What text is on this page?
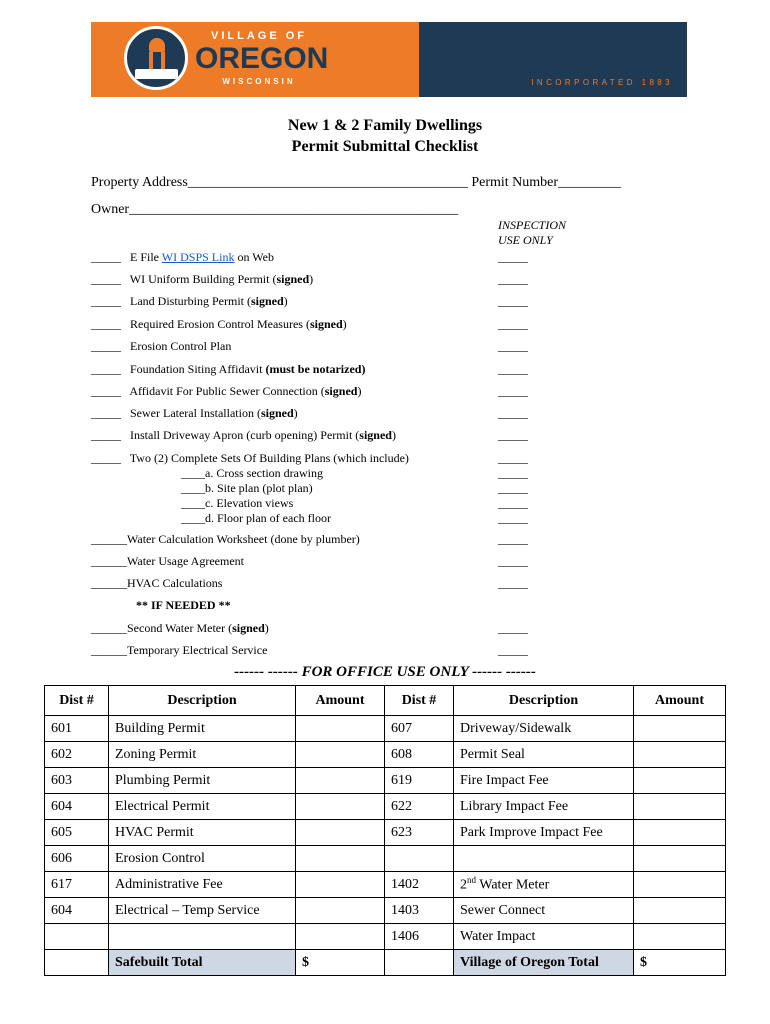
VILLAGE OF
OREGON
WISCONSIN	INCORPORATED 1883
New 1 & 2 Family Dwellings
Permit Submittal Checklist
Property Address________________________________________ Permit Number_________
Owner_______________________________________________
INSPECTION
USE ONLY
** IF NEEDED **
------ ------ FOR OFFICE USE ONLY ------ ------
Dist #	Description	Amount	Dist #	Description	Amount
601	Building Permit		607	Driveway/Sidewalk	
602	Zoning Permit		608	Permit Seal	
603	Plumbing Permit		619	Fire Impact Fee	
604	Electrical Permit		622	Library Impact Fee	
605	HVAC Permit		623	Park Improve Impact Fee	
606	Erosion Control				
617	Administrative Fee		1402	2nd Water Meter	
604	Electrical – Temp Service		1403	Sewer Connect	
			1406	Water Impact	
	Safebuilt Total	$		Village of Oregon Total	$
_____ E File WI DSPS Link on Web	_____
_____ WI Uniform Building Permit (signed)	_____
_____ Land Disturbing Permit (signed)	_____
_____ Required Erosion Control Measures (signed)	_____
_____ Erosion Control Plan	_____
_____ Foundation Siting Affidavit (must be notarized)	_____
_____ Affidavit For Public Sewer Connection (signed)	_____
_____ Sewer Lateral Installation (signed)	_____
_____ Install Driveway Apron (curb opening) Permit (signed)	_____
_____ Two (2) Complete Sets Of Building Plans (which include)	_____
____a. Cross section drawing	_____
____b. Site plan (plot plan)	_____
____c. Elevation views	_____
____d. Floor plan of each floor	_____
______Water Calculation Worksheet (done by plumber)	_____
______Water Usage Agreement	_____
______HVAC Calculations	_____
______Second Water Meter (signed)	_____
______Temporary Electrical Service	_____
